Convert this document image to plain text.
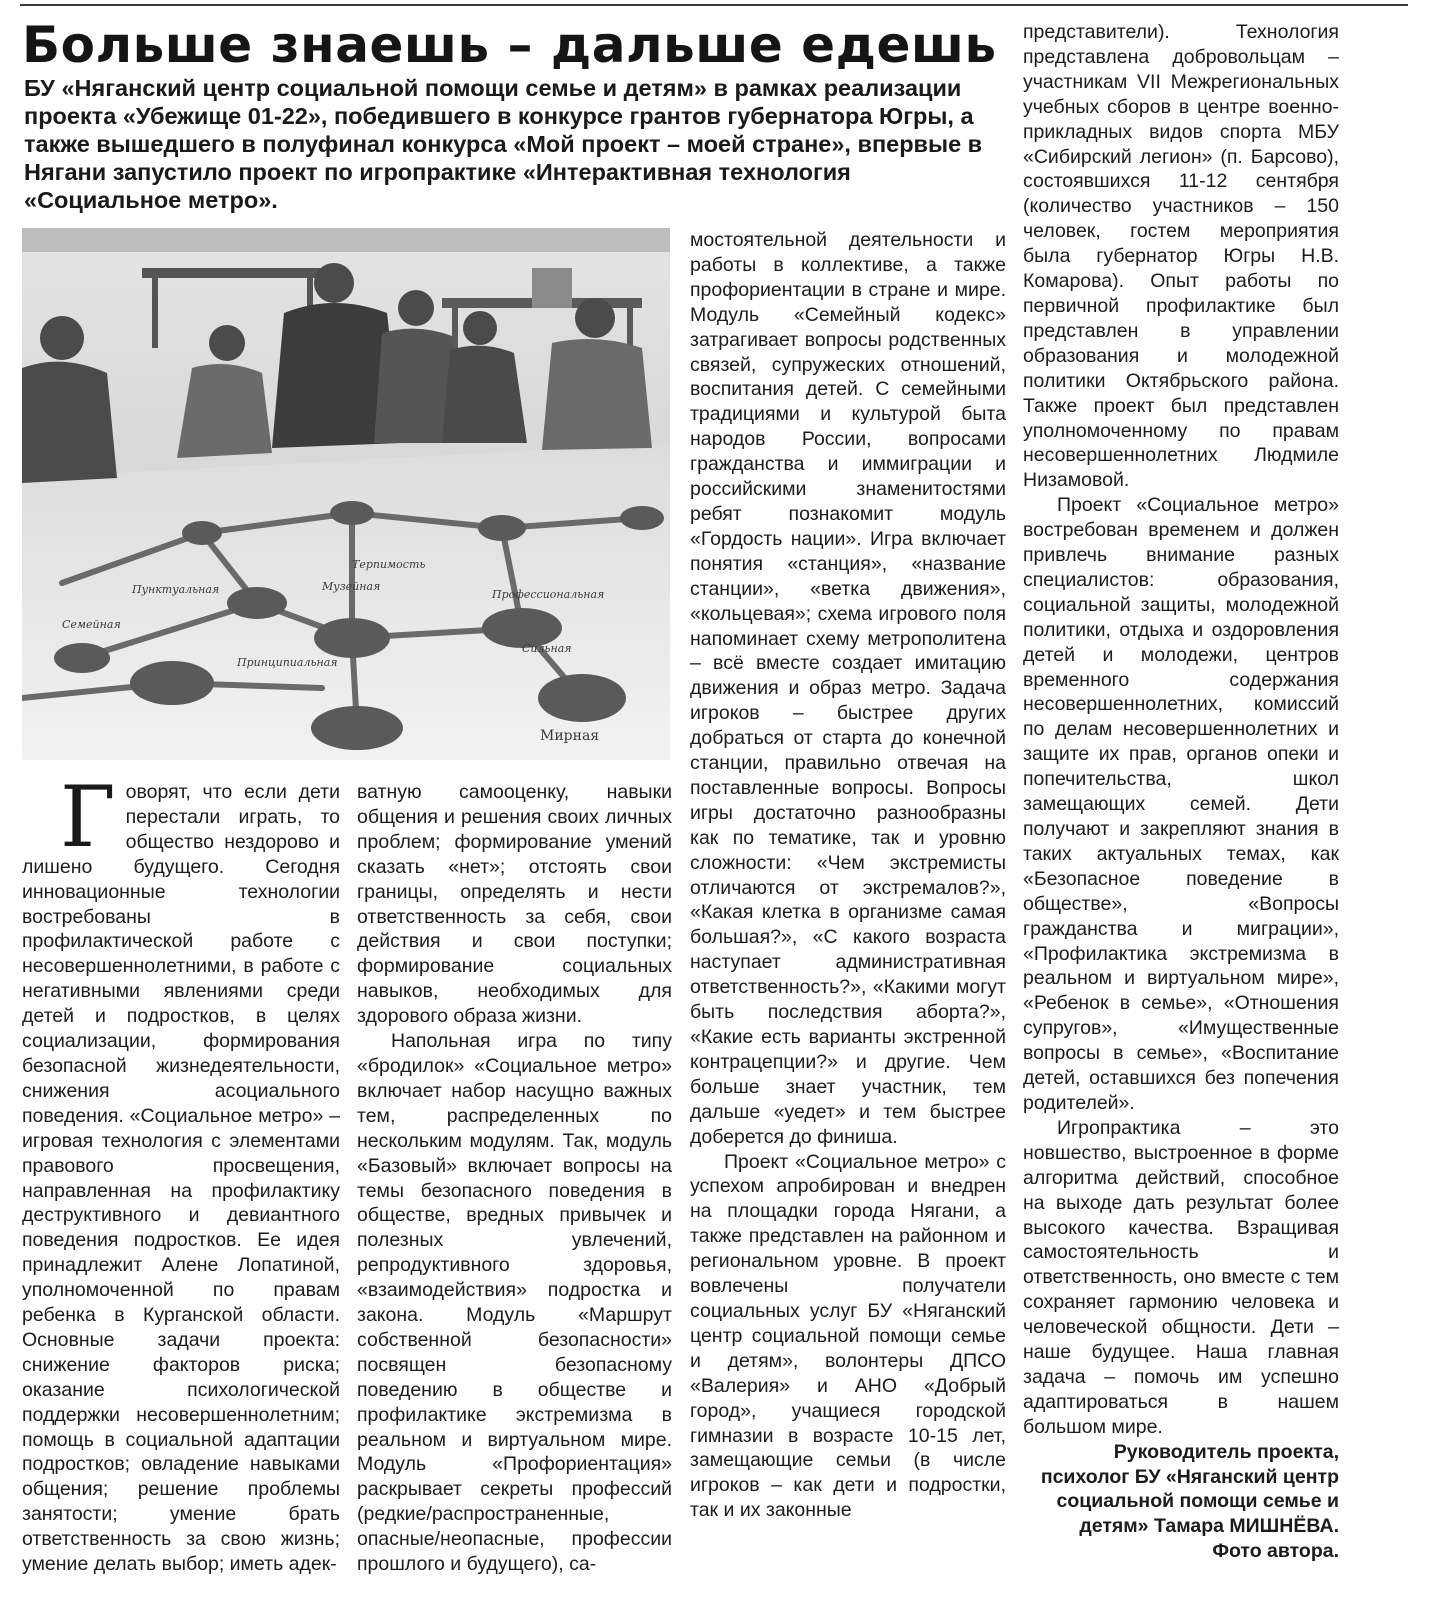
Больше знаешь – дальше едешь

БУ «Няганский центр социальной помощи семье и детям» в рамках реализации проекта «Убежище 01-22», победившего в конкурсе грантов губернатора Югры, а также вышедшего в полуфинал конкурса «Мой проект – моей стране», впервые в Нягани запустило проект по игропрактике «Интерактивная технология «Социальное метро».

Пунктуальная
Семейная
Терпимость
Музейная
Профессиональная
Принципиальная
Сильная
Мирная
Г оворят, что если дети перестали играть, то общество нездорово и лишено будущего. Сегодня инновационные технологии востребованы в профилактической работе с несовершеннолетними, в работе с негативными явлениями среди детей и подростков, в целях социализации, формирования безопасной жизнедеятельности, снижения асоциального поведения. «Социальное метро» – игровая технология с элементами правового просвещения, направленная на профилактику деструктивного и девиантного поведения подростков. Ее идея принадлежит Алене Лопатиной, уполномоченной по правам ребенка в Курганской области. Основные задачи проекта: снижение факторов риска; оказание психологической поддержки несовершеннолетним; помощь в социальной адаптации подростков; овладение навыками общения; решение проблемы занятости; умение брать ответственность за свою жизнь; умение делать выбор; иметь адек-

ватную самооценку, навыки общения и решения своих личных проблем; формирование умений сказать «нет»; отстоять свои границы, определять и нести ответственность за себя, свои действия и свои поступки; формирование социальных навыков, необходимых для здорового образа жизни.

Напольная игра по типу «бродилок» «Социальное метро» включает набор насущно важных тем, распределенных по нескольким модулям. Так, модуль «Базовый» включает вопросы на темы безопасного поведения в обществе, вредных привычек и полезных увлечений, репродуктивного здоровья, «взаимодействия» подростка и закона. Модуль «Маршрут собственной безопасности» посвящен безопасному поведению в обществе и профилактике экстремизма в реальном и виртуальном мире. Модуль «Профориентация» раскрывает секреты профессий (редкие/распространенные, опасные/неопасные, профессии прошлого и будущего), са-

мостоятельной деятельности и работы в коллективе, а также профориентации в стране и мире. Модуль «Семейный кодекс» затрагивает вопросы родственных связей, супружеских отношений, воспитания детей. С семейными традициями и культурой быта народов России, вопросами гражданства и иммиграции и российскими знаменитостями ребят познакомит модуль «Гордость нации». Игра включает понятия «станция», «название станции», «ветка движения», «кольцевая»; схема игрового поля напоминает схему метрополитена – всё вместе создает имитацию движения и образ метро. Задача игроков – быстрее других добраться от старта до конечной станции, правильно отвечая на поставленные вопросы. Вопросы игры достаточно разнообразны как по тематике, так и уровню сложности: «Чем экстремисты отличаются от экстремалов?», «Какая клетка в организме самая большая?», «С какого возраста наступает административная ответственность?», «Какими могут быть последствия аборта?», «Какие есть варианты экстренной контрацепции?» и другие. Чем больше знает участник, тем дальше «уедет» и тем быстрее доберется до финиша.

Проект «Социальное метро» с успехом апробирован и внедрен на площадки города Нягани, а также представлен на районном и региональном уровне. В проект вовлечены получатели социальных услуг БУ «Няганский центр социальной помощи семье и детям», волонтеры ДПСО «Валерия» и АНО «Добрый город», учащиеся городской гимназии в возрасте 10-15 лет, замещающие семьи (в числе игроков – как дети и подростки, так и их законные

представители). Технология представлена добровольцам – участникам VII Межрегиональных учебных сборов в центре военно-прикладных видов спорта МБУ «Сибирский легион» (п. Барсово), состоявшихся 11-12 сентября (количество участников – 150 человек, гостем мероприятия была губернатор Югры Н.В. Комарова). Опыт работы по первичной профилактике был представлен в управлении образования и молодежной политики Октябрьского района. Также проект был представлен уполномоченному по правам несовершеннолетних Людмиле Низамовой.

Проект «Социальное метро» востребован временем и должен привлечь внимание разных специалистов: образования, социальной защиты, молодежной политики, отдыха и оздоровления детей и молодежи, центров временного содержания несовершеннолетних, комиссий по делам несовершеннолетних и защите их прав, органов опеки и попечительства, школ замещающих семей. Дети получают и закрепляют знания в таких актуальных темах, как «Безопасное поведение в обществе», «Вопросы гражданства и миграции», «Профилактика экстремизма в реальном и виртуальном мире», «Ребенок в семье», «Отношения супругов», «Имущественные вопросы в семье», «Воспитание детей, оставшихся без попечения родителей».

Игропрактика – это новшество, выстроенное в форме алгоритма действий, способное на выходе дать результат более высокого качества. Взращивая самостоятельность и ответственность, оно вместе с тем сохраняет гармонию человека и человеческой общности. Дети – наше будущее. Наша главная задача – помочь им успешно адаптироваться в нашем большом мире.

Руководитель проекта, психолог БУ «Няганский центр социальной помощи семье и детям» Тамара МИШНЁВА.

Фото автора.
